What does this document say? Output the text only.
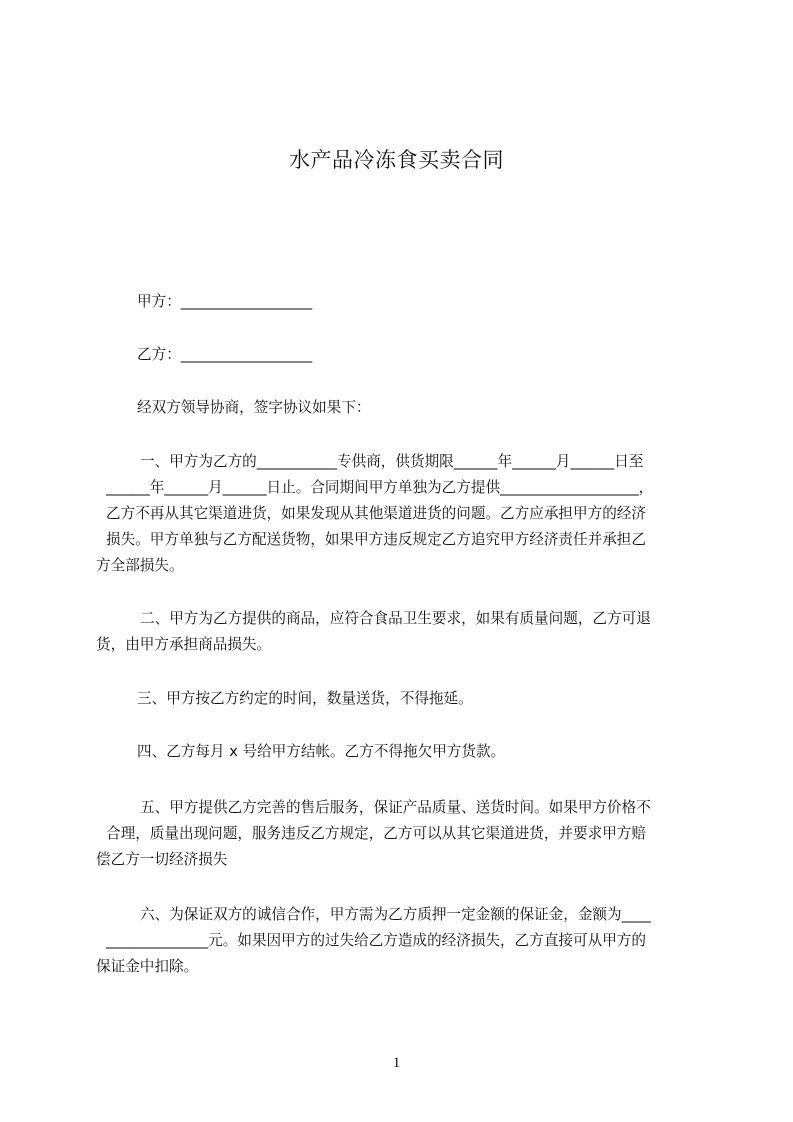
水产品冷冻食买卖合同
甲方：__________________
乙方：__________________
经双方领导协商，签字协议如果下：
一、甲方为乙方的___________专供商，供货期限______年______月______日至
______年______月______日止。合同期间甲方单独为乙方提供___________________，
乙方不再从其它渠道进货，如果发现从其他渠道进货的问题。乙方应承担甲方的经济
损失。甲方单独与乙方配送货物，如果甲方违反规定乙方追究甲方经济责任并承担乙
方全部损失。
二、甲方为乙方提供的商品，应符合食品卫生要求，如果有质量问题，乙方可退
货，由甲方承担商品损失。
三、甲方按乙方约定的时间，数量送货，不得拖延。
四、乙方每月 x 号给甲方结帐。乙方不得拖欠甲方货款。
五、甲方提供乙方完善的售后服务，保证产品质量、送货时间。如果甲方价格不
合理，质量出现问题，服务违反乙方规定，乙方可以从其它渠道进货，并要求甲方赔
偿乙方一切经济损失
六、为保证双方的诚信合作，甲方需为乙方质押一定金额的保证金，金额为____
______________元。如果因甲方的过失给乙方造成的经济损失，乙方直接可从甲方的
保证金中扣除。
1
